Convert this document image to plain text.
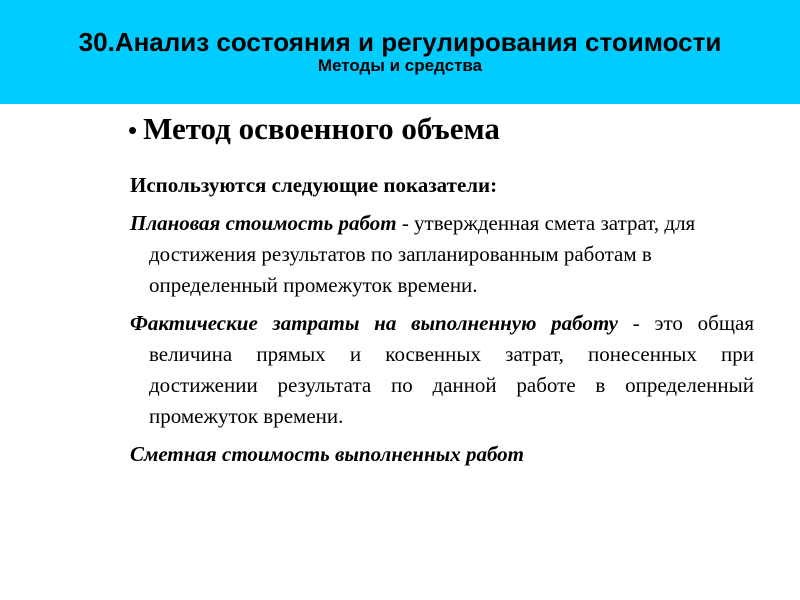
30.Анализ состояния и регулирования стоимости
Методы и средства
• Метод освоенного объема

Используются следующие показатели:

Плановая стоимость работ - утвержденная смета затрат, для достижения результатов по запланированным работам в определенный промежуток времени.

Фактические затраты на выполненную работу - это общая величина прямых и косвенных затрат, понесенных при достижении результата по данной работе в определенный промежуток времени.

Сметная стоимость выполненных работ
